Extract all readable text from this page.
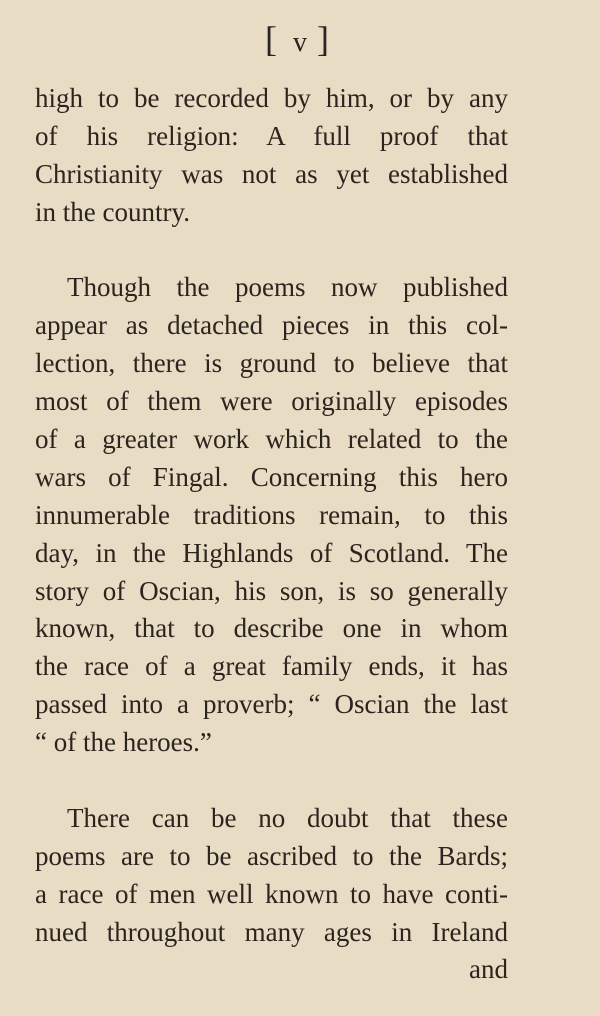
[ v ]
high to be recorded by him, or by any
of his religion: A full proof that
Christianity was not as yet established
in the country.
Though the poems now published
appear as detached pieces in this col-
lection, there is ground to believe that
most of them were originally episodes
of a greater work which related to the
wars of Fingal. Concerning this hero
innumerable traditions remain, to this
day, in the Highlands of Scotland. The
story of Oscian, his son, is so generally
known, that to describe one in whom
the race of a great family ends, it has
passed into a proverb; “ Oscian the last
“ of the heroes.”
There can be no doubt that these
poems are to be ascribed to the Bards;
a race of men well known to have conti-
nued throughout many ages in Ireland
and
